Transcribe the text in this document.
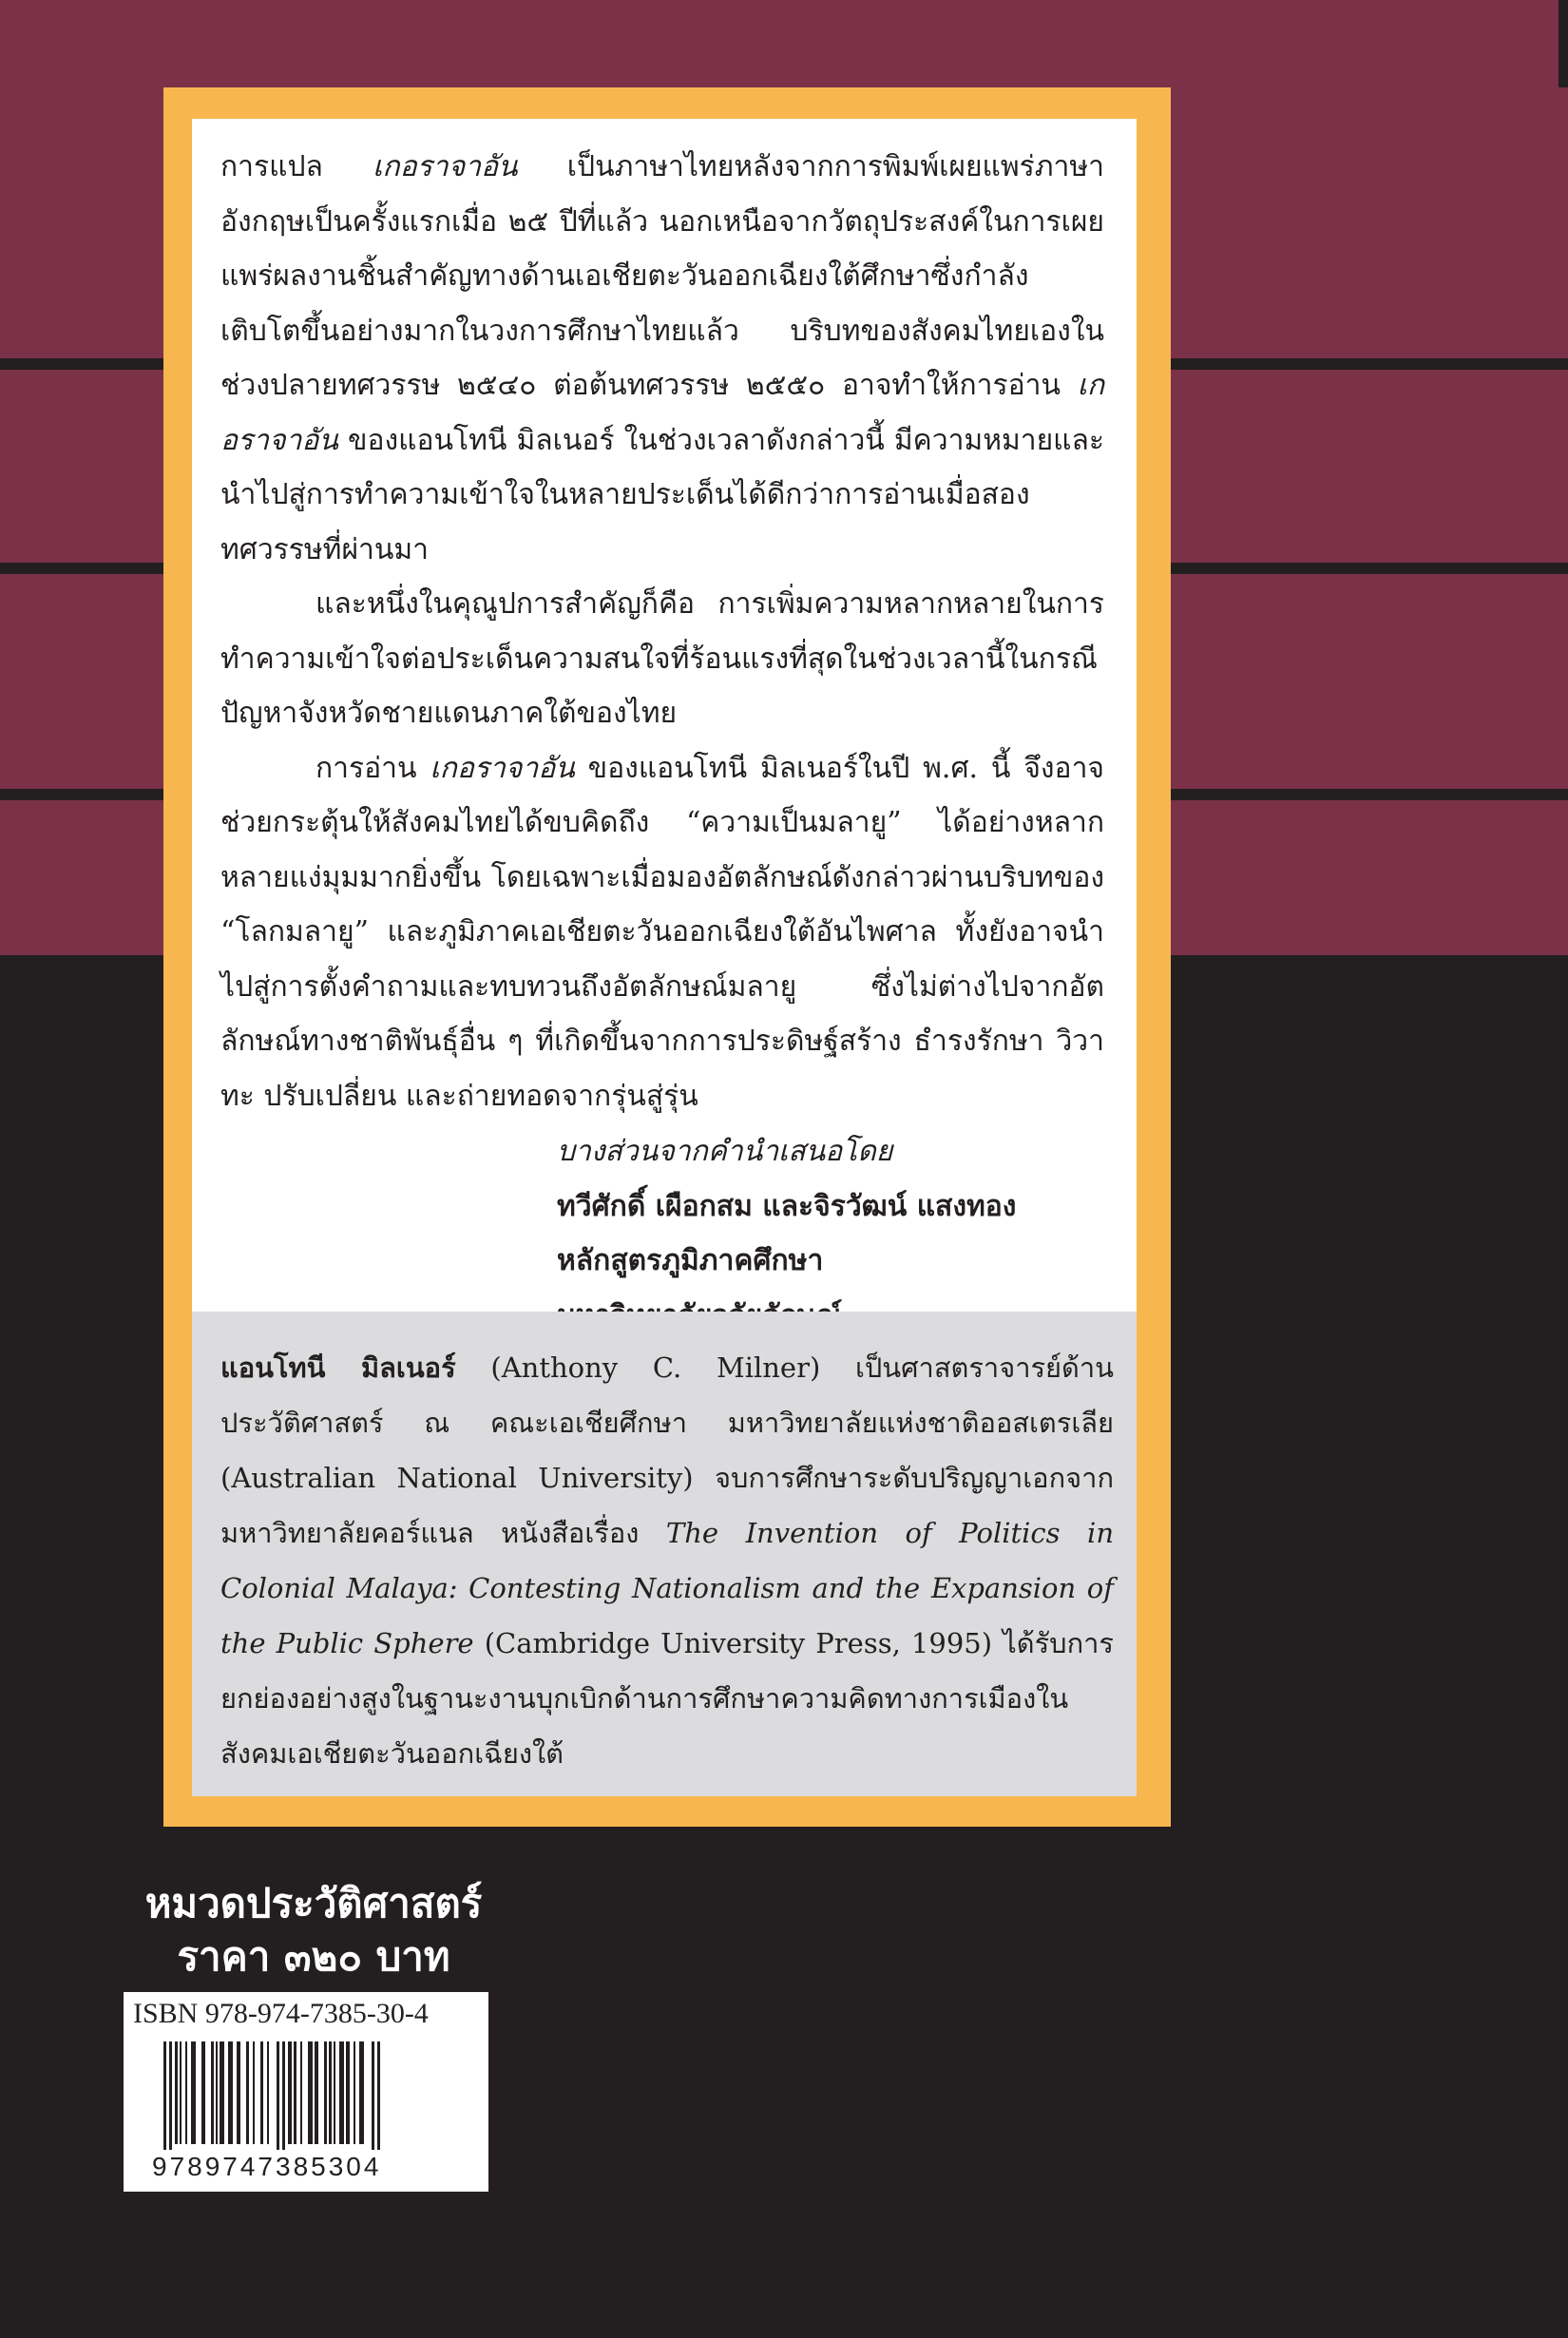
การแปล เกอราจาอัน เป็นภาษาไทยหลังจากการพิมพ์เผยแพร่ภาษาอังกฤษเป็นครั้งแรกเมื่อ ๒๕ ปีที่แล้ว นอกเหนือจากวัตถุประสงค์ในการเผยแพร่ผลงานชิ้นสำคัญทางด้านเอเชียตะวันออกเฉียงใต้ศึกษาซึ่งกำลังเติบโตขึ้นอย่างมากในวงการศึกษาไทยแล้ว บริบทของสังคมไทยเองในช่วงปลายทศวรรษ ๒๕๔๐ ต่อต้นทศวรรษ ๒๕๕๐ อาจทำให้การอ่าน เกอราจาอัน ของแอนโทนี มิลเนอร์ ในช่วงเวลาดังกล่าวนี้ มีความหมายและนำไปสู่การทำความเข้าใจในหลายประเด็นได้ดีกว่าการอ่านเมื่อสองทศวรรษที่ผ่านมา

และหนึ่งในคุณูปการสำคัญก็คือ การเพิ่มความหลากหลายในการทำความเข้าใจต่อประเด็นความสนใจที่ร้อนแรงที่สุดในช่วงเวลานี้ในกรณีปัญหาจังหวัดชายแดนภาคใต้ของไทย

การอ่าน เกอราจาอัน ของแอนโทนี มิลเนอร์ในปี พ.ศ. นี้ จึงอาจช่วยกระตุ้นให้สังคมไทยได้ขบคิดถึง “ความเป็นมลายู” ได้อย่างหลากหลายแง่มุมมากยิ่งขึ้น โดยเฉพาะเมื่อมองอัตลักษณ์ดังกล่าวผ่านบริบทของ “โลกมลายู” และภูมิภาคเอเชียตะวันออกเฉียงใต้อันไพศาล ทั้งยังอาจนำไปสู่การตั้งคำถามและทบทวนถึงอัตลักษณ์มลายู ซึ่งไม่ต่างไปจากอัตลักษณ์ทางชาติพันธุ์อื่น ๆ ที่เกิดขึ้นจากการประดิษฐ์สร้าง ธำรงรักษา วิวาทะ ปรับเปลี่ยน และถ่ายทอดจากรุ่นสู่รุ่น

บางส่วนจากคำนำเสนอโดย
ทวีศักดิ์ เผือกสม และจิรวัฒน์ แสงทอง
หลักสูตรภูมิภาคศึกษา
แอนโทนี มิลเนอร์ (Anthony C. Milner) เป็นศาสตราจารย์ด้านประวัติศาสตร์ ณ คณะเอเชียศึกษา มหาวิทยาลัยแห่งชาติออสเตรเลีย (Australian National University) จบการศึกษาระดับปริญญาเอกจากมหาวิทยาลัยคอร์แนล หนังสือเรื่อง The Invention of Politics in Colonial Malaya: Contesting Nationalism and the Expansion of the Public Sphere (Cambridge University Press, 1995) ได้รับการยกย่องอย่างสูงในฐานะงานบุกเบิกด้านการศึกษาความคิดทางการเมืองในสังคมเอเชียตะวันออกเฉียงใต้
หมวดประวัติศาสตร์
ราคา ๓๒๐ บาท
ISBN 978-974-7385-30-4
9789747385304
